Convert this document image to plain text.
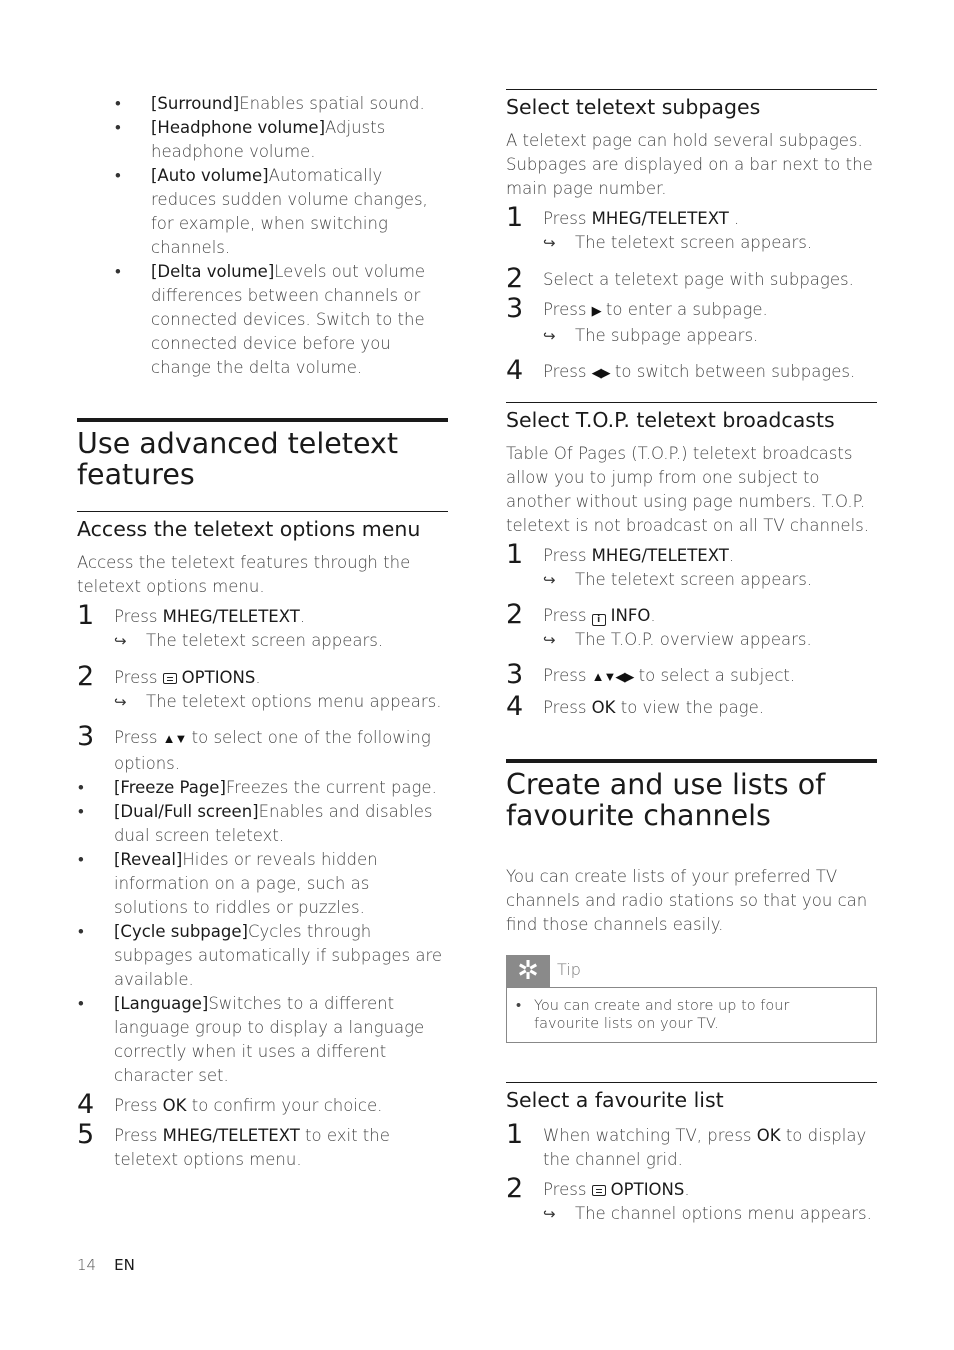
• [Surround]Enables spatial sound.
• [Headphone volume]Adjusts headphone volume.
• [Auto volume]Automatically reduces sudden volume changes, for example, when switching channels.
• [Delta volume]Levels out volume differences between channels or connected devices. Switch to the connected device before you change the delta volume.
Use advanced teletext features
Access the teletext options menu

Access the teletext features through the teletext options menu.

1 Press MHEG/TELETEXT.
↪ The teletext screen appears.
2 Press OPTIONS.
↪ The teletext options menu appears.
3 Press ▲▼ to select one of the following options.
• [Freeze Page]Freezes the current page.
• [Dual/Full screen]Enables and disables dual screen teletext.
• [Reveal]Hides or reveals hidden information on a page, such as solutions to riddles or puzzles.
• [Cycle subpage]Cycles through subpages automatically if subpages are available.
• [Language]Switches to a different language group to display a language correctly when it uses a different character set.
4 Press OK to confirm your choice.
5 Press MHEG/TELETEXT to exit the teletext options menu.
Select teletext subpages

A teletext page can hold several subpages. Subpages are displayed on a bar next to the main page number.

1 Press MHEG/TELETEXT .
↪ The teletext screen appears.
2 Select a teletext page with subpages.
3 Press ▶ to enter a subpage.
↪ The subpage appears.
4 Press ◀▶ to switch between subpages.
Select T.O.P. teletext broadcasts

Table Of Pages (T.O.P.) teletext broadcasts allow you to jump from one subject to another without using page numbers. T.O.P. teletext is not broadcast on all TV channels.

1 Press MHEG/TELETEXT.
↪ The teletext screen appears.
2 Press i INFO.
↪ The T.O.P. overview appears.
3 Press ▲▼◀▶ to select a subject.
4 Press OK to view the page.
Create and use lists of favourite channels

You can create lists of your preferred TV channels and radio stations so that you can find those channels easily.

✲	Tip
• You can create and store up to four favourite lists on your TV.
Select a favourite list
1 When watching TV, press OK to display the channel grid.
2 Press OPTIONS.
↪ The channel options menu appears.
14 EN
